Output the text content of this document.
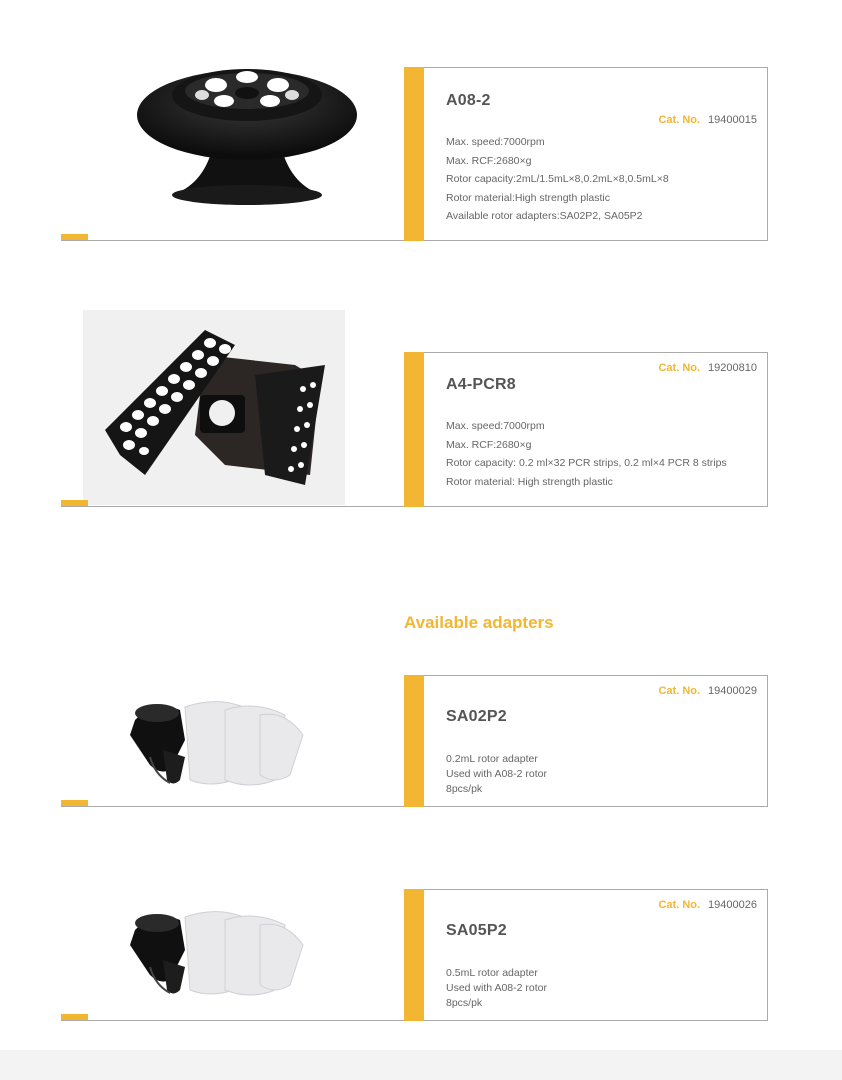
A08-2
Cat. No. 19400015
Max. speed:7000rpm
Max. RCF:2680×g
Rotor capacity:2mL/1.5mL×8,0.2mL×8,0.5mL×8
Rotor material:High strength plastic
Available rotor adapters:SA02P2, SA05P2
Cat. No. 19200810
A4-PCR8
Max. speed:7000rpm
Max. RCF:2680×g
Rotor capacity: 0.2 ml×32 PCR strips, 0.2 ml×4 PCR 8 strips
Rotor material: High strength plastic
Available adapters
Cat. No. 19400029
SA02P2
0.2mL rotor adapter
Used with A08-2 rotor
8pcs/pk
Cat. No. 19400026
SA05P2
0.5mL rotor adapter
Used with A08-2 rotor
8pcs/pk
